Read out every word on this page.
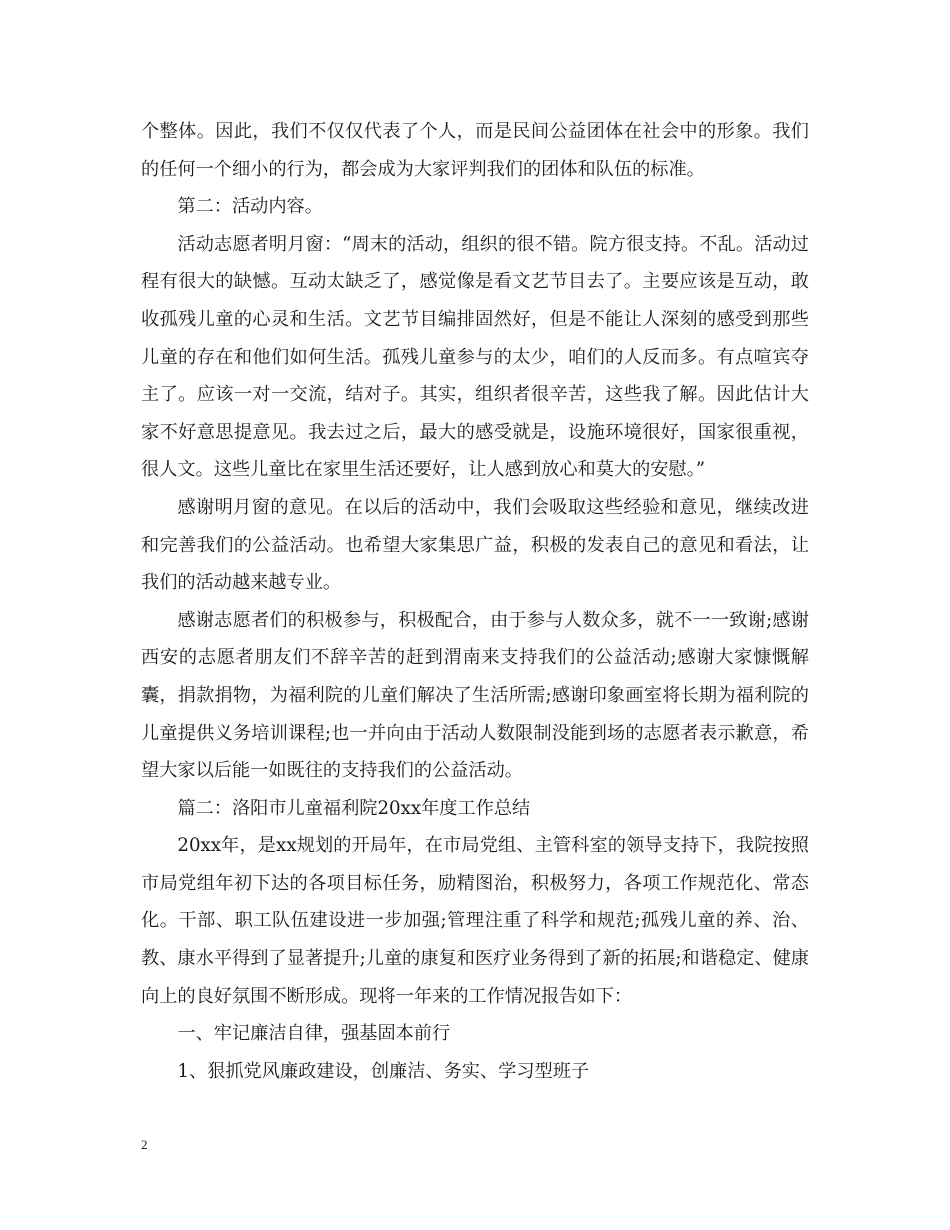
个整体。因此，我们不仅仅代表了个人，而是民间公益团体在社会中的形象。我们的任何一个细小的行为，都会成为大家评判我们的团体和队伍的标准。

第二：活动内容。

活动志愿者明月窗：“周末的活动，组织的很不错。院方很支持。不乱。活动过程有很大的缺憾。互动太缺乏了，感觉像是看文艺节目去了。主要应该是互动，敢收孤残儿童的心灵和生活。文艺节目编排固然好，但是不能让人深刻的感受到那些儿童的存在和他们如何生活。孤残儿童参与的太少，咱们的人反而多。有点喧宾夺主了。应该一对一交流，结对子。其实，组织者很辛苦，这些我了解。因此估计大家不好意思提意见。我去过之后，最大的感受就是，设施环境很好，国家很重视，很人文。这些儿童比在家里生活还要好，让人感到放心和莫大的安慰。”

感谢明月窗的意见。在以后的活动中，我们会吸取这些经验和意见，继续改进和完善我们的公益活动。也希望大家集思广益，积极的发表自己的意见和看法，让我们的活动越来越专业。

感谢志愿者们的积极参与，积极配合，由于参与人数众多，就不一一致谢;感谢西安的志愿者朋友们不辞辛苦的赶到渭南来支持我们的公益活动;感谢大家慷慨解囊，捐款捐物，为福利院的儿童们解决了生活所需;感谢印象画室将长期为福利院的儿童提供义务培训课程;也一并向由于活动人数限制没能到场的志愿者表示歉意，希望大家以后能一如既往的支持我们的公益活动。

篇二：洛阳市儿童福利院20xx年度工作总结

20xx年，是xx规划的开局年，在市局党组、主管科室的领导支持下，我院按照市局党组年初下达的各项目标任务，励精图治，积极努力，各项工作规范化、常态化。干部、职工队伍建设进一步加强;管理注重了科学和规范;孤残儿童的养、治、教、康水平得到了显著提升;儿童的康复和医疗业务得到了新的拓展;和谐稳定、健康向上的良好氛围不断形成。现将一年来的工作情况报告如下：

一、牢记廉洁自律，强基固本前行

1、狠抓党风廉政建设，创廉洁、务实、学习型班子

2
